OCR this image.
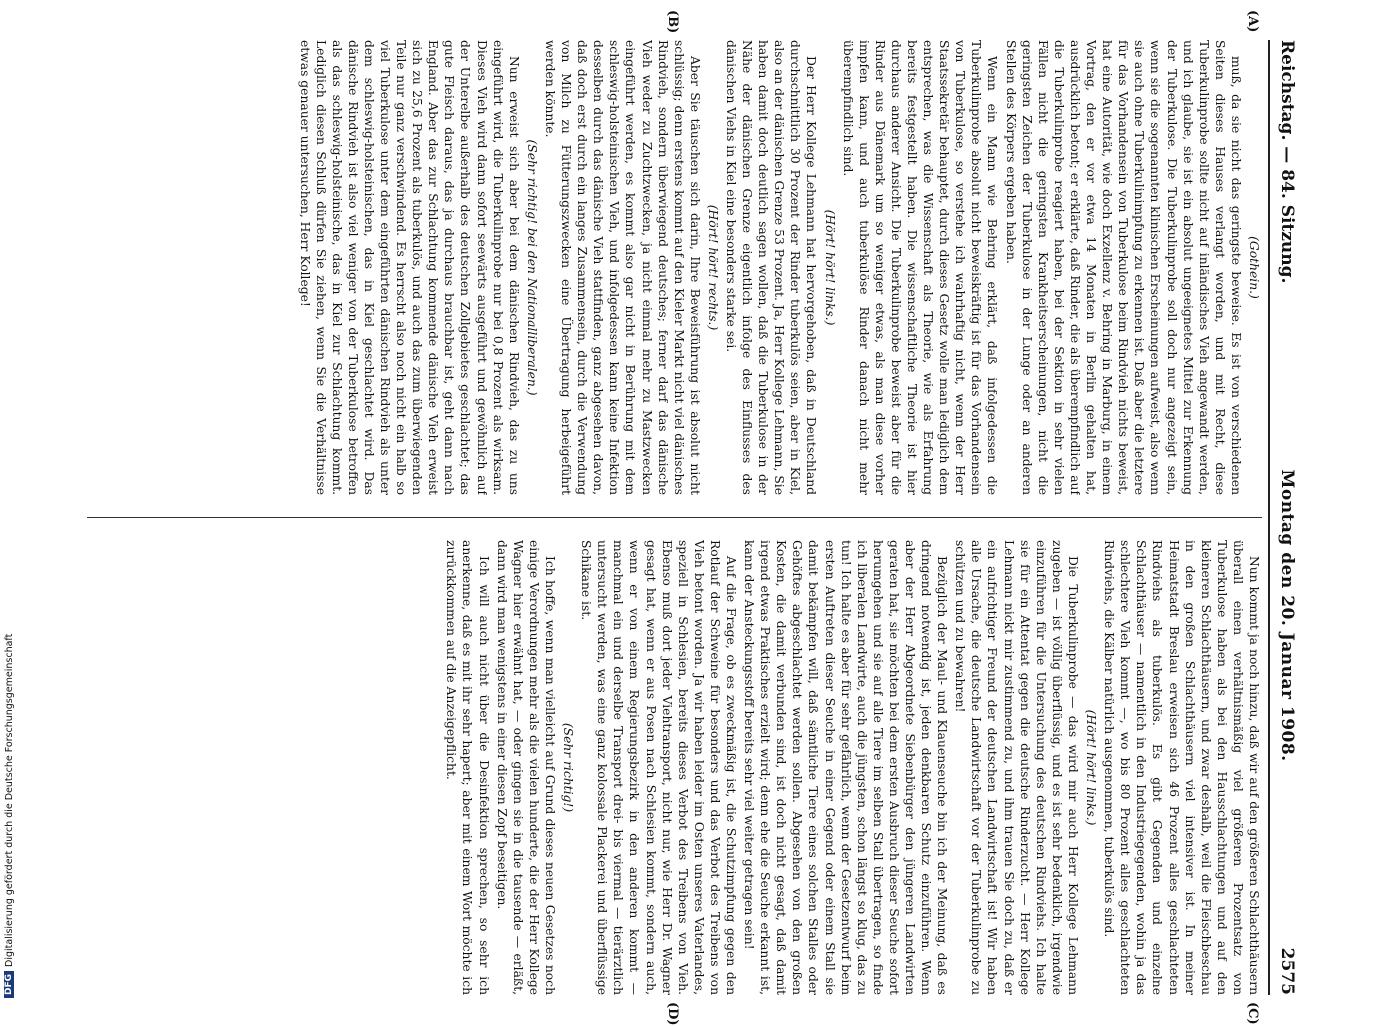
Reichstag. — 84. Sitzung.
Montag den 20. Januar 1908.
2575

(Gothein.)

muß, da sie nicht das geringste beweise. Es ist von verschiedenen Seiten dieses Hauses verlangt worden, und mit Recht, diese Tuberkulinprobe sollte nicht auf inländisches Vieh angewandt werden, und ich glaube, sie ist ein absolut ungeeignetes Mittel zur Erkennung der Tuberkulose. Die Tuberkulinprobe soll doch nur angezeigt sein, wenn sie die sogenannten klinischen Erscheinungen aufweist, also wenn sie auch ohne Tuberkulinimpfung zu erkennen ist. Daß aber die letztere für das Vorhandensein von Tuberkulose beim Rindvieh nichts beweist, hat eine Autorität, wie doch Exzellenz v. Behring in Marburg, in einem Vortrag, den er vor etwa 14 Monaten in Berlin gehalten hat, ausdrücklich betont; er erklärte, daß Rinder, die als überempfindlich auf die Tuberkulinprobe reagiert haben, bei der Sektion in sehr vielen Fällen nicht die geringsten Krankheitserscheinungen, nicht die geringsten Zeichen der Tuberkulose in der Lunge oder an anderen Stellen des Körpers ergeben haben.

Wenn ein Mann wie Behring erklärt, daß infolgedessen die Tuberkulinprobe absolut nicht beweiskräftig ist für das Vorhandensein von Tuberkulose, so verstehe ich wahrhaftig nicht, wenn der Herr Staatssekretär behauptet, durch dieses Gesetz wolle man lediglich dem entsprechen, was die Wissenschaft als Theorie, wie als Erfahrung bereits festgestellt haben. Die wissenschaftliche Theorie ist hier durchaus anderer Ansicht. Die Tuberkulinprobe beweist aber für die Rinder aus Dänemark um so weniger etwas, als man diese vorher impfen kann, und auch tuberkulöse Rinder danach nicht mehr überempfindlich sind.

(Hört! hört! links.)

Der Herr Kollege Lehmann hat hervorgehoben, daß in Deutschland durchschnittlich 30 Prozent der Rinder tuberkulös seien, aber in Kiel, also an der dänischen Grenze 53 Prozent. Ja, Herr Kollege Lehmann, Sie haben damit doch deutlich sagen wollen, daß die Tuberkulose in der Nähe der dänischen Grenze eigentlich infolge des Einflusses des dänischen Viehs in Kiel eine besonders starke sei.

(Hört! hört! rechts.)

Aber Sie täuschen sich darin, Ihre Beweisführung ist absolut nicht schlüssig; denn erstens kommt auf den Kieler Markt nicht viel dänisches Rindvieh, sondern überwiegend deutsches; ferner darf das dänische Vieh weder zu Zuchtzwecken, ja nicht einmal mehr zu Mastzwecken eingeführt werden, es kommt also gar nicht in Berührung mit dem schleswig-holsteinischen Vieh, und infolgedessen kann keine Infektion desselben durch das dänische Vieh stattfinden, ganz abgesehen davon, daß doch erst durch ein langes Zusammensein, durch die Verwendung von Milch zu Fütterungszwecken eine Übertragung herbeigeführt werden könnte.

(Sehr richtig! bei den Nationalliberalen.)

Nun erweist sich aber bei dem dänischen Rindvieh, das zu uns eingeführt wird, die Tuberkulinprobe nur bei 0,8 Prozent als wirksam. Dieses Vieh wird dann sofort seewärts ausgeführt und gewöhnlich auf der Unterelbe außerhalb des deutschen Zollgebietes geschlachtet; das gute Fleisch daraus, das ja durchaus brauchbar ist, geht dann nach England. Aber das zur Schlachtung kommende dänische Vieh erweist sich zu 25,6 Prozent als tuberkulös, und auch das zum überwiegenden Teile nur ganz verschwindend. Es herrscht also noch nicht ein halb so viel Tuberkulose unter dem eingeführten dänischen Rindvieh als unter dem schleswig-holsteinischen, das in Kiel geschlachtet wird. Das dänische Rindvieh ist also viel weniger von der Tuberkulose betroffen als das schleswig-holsteinische, das in Kiel zur Schlachtung kommt. Lediglich diesen Schluß dürfen Sie ziehen, wenn Sie die Verhältnisse etwas genauer untersuchen, Herr Kollege!

Nun kommt ja noch hinzu, daß wir auf den größeren Schlachthäusern überall einen verhältnismäßig viel größeren Prozentsatz von Tuberkulose haben als bei den Hausschlachtungen und auf den kleineren Schlachthäusern, und zwar deshalb, weil die Fleischbeschau in den großen Schlachthäusern viel intensiver ist. In meiner Heimatstadt Breslau erweisen sich 46 Prozent alles geschlachteten Rindviehs als tuberkulös. Es gibt Gegenden und einzelne Schlachthäuser — namentlich in den Industriegegenden, wohin ja das schlechtere Vieh kommt —, wo bis 80 Prozent alles geschlachteten Rindviehs, die Kälber natürlich ausgenommen, tuberkulös sind.

(Hört! hört! links.)

Die Tuberkulinprobe — das wird mir auch Herr Kollege Lehmann zugeben — ist völlig überflüssig, und es ist sehr bedenklich, irgendwie einzuführen für die Untersuchung des deutschen Rindviehs. Ich halte sie für ein Attentat gegen die deutsche Rinderzucht. — Herr Kollege Lehmann nickt mir zustimmend zu, und ihm trauen Sie doch zu, daß er ein aufrichtiger Freund der deutschen Landwirtschaft ist! Wir haben alle Ursache, die deutsche Landwirtschaft vor der Tuberkulinprobe zu schützen und zu bewahren!

Bezüglich der Maul- und Klauenseuche bin ich der Meinung, daß es dringend notwendig ist, jeden denkbaren Schutz einzuführen. Wenn aber der Herr Abgeordnete Siebenbürger den jüngeren Landwirten geraten hat, sie möchten bei dem ersten Ausbruch dieser Seuche sofort herumgehen und sie auf alle Tiere im selben Stall übertragen, so finde ich liberalen Landwirte, auch die jüngsten, schon längst so klug, das zu tun! Ich halte es aber für sehr gefährlich, wenn der Gesetzentwurf beim ersten Auftreten dieser Seuche in einer Gegend oder einem Stall sie damit bekämpfen will, daß sämtliche Tiere eines solchen Stalles oder Gehöftes abgeschlachtet werden sollen. Abgesehen von den großen Kosten, die damit verbunden sind, ist doch nicht gesagt, daß damit irgend etwas Praktisches erzielt wird; denn ehe die Seuche erkannt ist, kann der Ansteckungsstoff bereits sehr viel weiter getragen sein!

Auf die Frage, ob es zweckmäßig ist, die Schutzimpfung gegen den Rotlauf der Schweine für besonders und das Verbot des Treibens von Vieh betont worden. Ja wir haben leider im Osten unseres Vaterlandes, speziell in Schlesien, bereits dieses Verbot des Treibens von Vieh. Ebenso muß dort jeder Viehtransport, nicht nur, wie Herr Dr. Wagner gesagt hat, wenn er aus Posen nach Schlesien kommt, sondern auch, wenn er von einem Regierungsbezirk in den anderen kommt — manchmal ein und derselbe Transport drei- bis viermal — tierärztlich untersucht werden, was eine ganz kolossale Plackerei und überflüssige Schikane ist.

(Sehr richtig!)

Ich hoffe, wenn man vielleicht auf Grund dieses neuen Gesetzes noch einige Verordnungen mehr als die vielen hunderte, die der Herr Kollege Wagner hier erwähnt hat, — oder gingen sie in die tausende — erläßt, dann wird man wenigstens in einer diesen Zopf beseitigen.

Ich will auch nicht über die Desinfektion sprechen, so sehr ich anerkenne, daß es mit ihr sehr hapert; aber mit einem Wort möchte ich zurückkommen auf die Anzeigepflicht.

(A)
(B)
(C)
(D)
DFG
Digitalisierung gefördert durch die Deutsche Forschungsgemeinschaft
